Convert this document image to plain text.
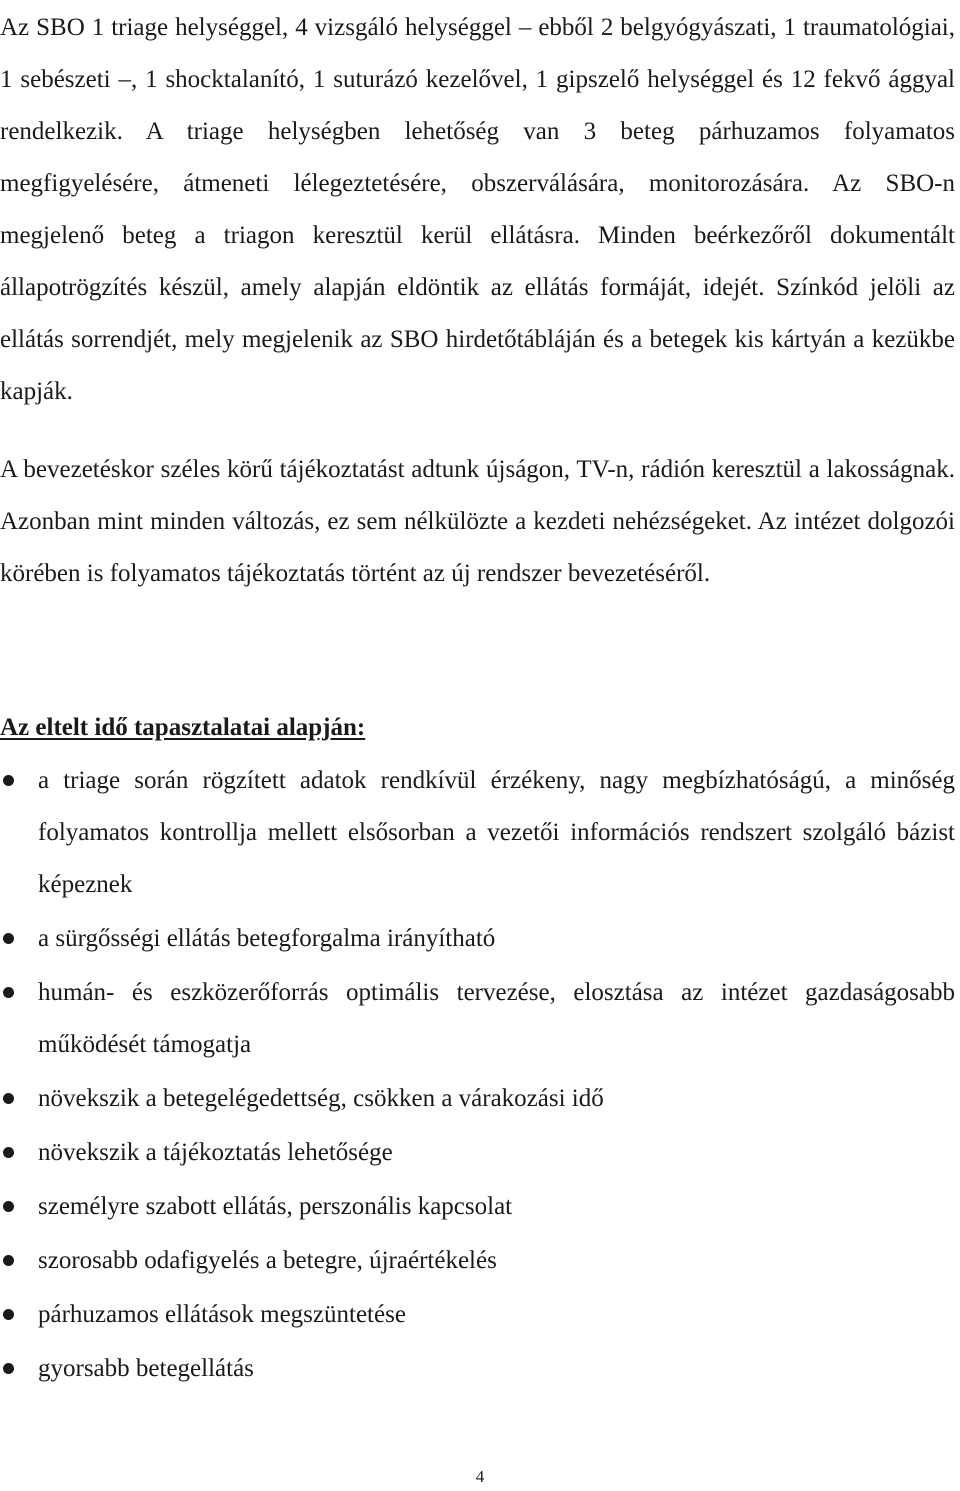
Az SBO 1 triage helységgel, 4 vizsgáló helységgel – ebből 2 belgyógyászati, 1 traumatológiai, 1 sebészeti –, 1 shocktalanító, 1 suturázó kezelővel, 1 gipszelő helységgel és 12 fekvő ággyal rendelkezik. A triage helységben lehetőség van 3 beteg párhuzamos folyamatos megfigyelésére, átmeneti lélegeztetésére, obszerválására, monitorozására. Az SBO-n megjelenő beteg a triagon keresztül kerül ellátásra. Minden beérkezőről dokumentált állapotrögzítés készül, amely alapján eldöntik az ellátás formáját, idejét. Színkód jelöli az ellátás sorrendjét, mely megjelenik az SBO hirdetőtábláján és a betegek kis kártyán a kezükbe kapják.

A bevezetéskor széles körű tájékoztatást adtunk újságon, TV-n, rádión keresztül a lakosságnak. Azonban mint minden változás, ez sem nélkülözte a kezdeti nehézségeket. Az intézet dolgozói körében is folyamatos tájékoztatás történt az új rendszer bevezetéséről.

Az eltelt idő tapasztalatai alapján:
a triage során rögzített adatok rendkívül érzékeny, nagy megbízhatóságú, a minőség folyamatos kontrollja mellett elsősorban a vezetői információs rendszert szolgáló bázist képeznek
a sürgősségi ellátás betegforgalma irányítható
humán- és eszközerőforrás optimális tervezése, elosztása az intézet gazdaságosabb működését támogatja
növekszik a betegelégedettség, csökken a várakozási idő
növekszik a tájékoztatás lehetősége
személyre szabott ellátás, perszonális kapcsolat
szorosabb odafigyelés a betegre, újraértékelés
párhuzamos ellátások megszüntetése
gyorsabb betegellátás
4
